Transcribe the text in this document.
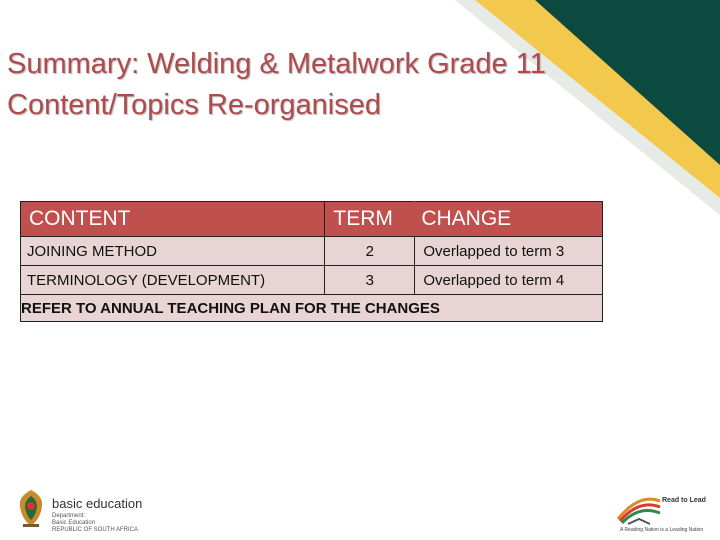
Summary: Welding & Metalwork Grade 11
Content/Topics Re-organised
CONTENT	TERM	CHANGE
JOINING METHOD	2	Overlapped to term 3
TERMINOLOGY (DEVELOPMENT)	3	Overlapped to term 4
REFER TO ANNUAL TEACHING PLAN FOR THE CHANGES		
basic education
Department:
Basic Education
REPUBLIC OF SOUTH AFRICA
Read to Lead
A Reading Nation is a Leading Nation
